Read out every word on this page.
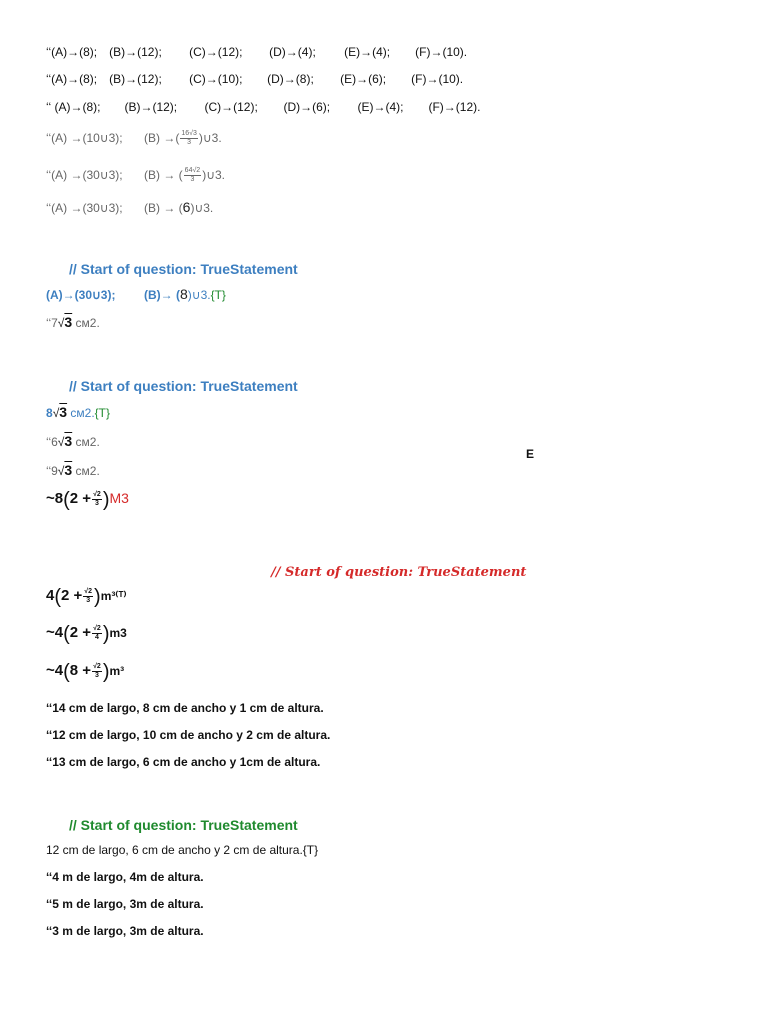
‘‘(A)→(8); (B)→(12); (C)→(12); (D)→(4); (E)→(4); (F)→(10).
‘‘(A)→(8); (B)→(12); (C)→(10); (D)→(8); (E)→(6); (F)→(10).
‘‘ (A)→(8); (B)→(12); (C)→(12); (D)→(6); (E)→(4); (F)→(12).
‘‘(A) →(10∪3); (B) →( $\frac{16√3}{3}$ )∪3.
‘‘(A) →(30∪3); (B) → ( $\frac{64√2}{3}$ )∪3.
‘‘(A) →(30∪3); (B) → (6)∪3.
// Start of question: TrueStatement
(A)→(30∪3); (B)→ (8)∪3.{T}
‘‘7√3 см2.
// Start of question: TrueStatement
8√3 см2.{T}
‘‘6√3 см2.
‘‘9√3 см2.
~8(2 + $\frac{√2}{3} )M3$
E
// Start of question: TrueStatement
$4(2 + \frac{√2}{3}$ )m³⁽ᵀ⁾
~4(2 + $\frac{√2}{4} )m3$
~4(8 + $\frac{√2}{3} )m^3$
‘‘14 cm de largo, 8 cm de ancho y 1 cm de altura.
‘‘12 cm de largo, 10 cm de ancho y 2 cm de altura.
‘‘13 cm de largo, 6 cm de ancho y 1cm de altura.
// Start of question: TrueStatement
12 cm de largo, 6 cm de ancho y 2 cm de altura.{T}
‘‘4 m de largo, 4m de altura.
‘‘5 m de largo, 3m de altura.
‘‘3 m de largo, 3m de altura.
